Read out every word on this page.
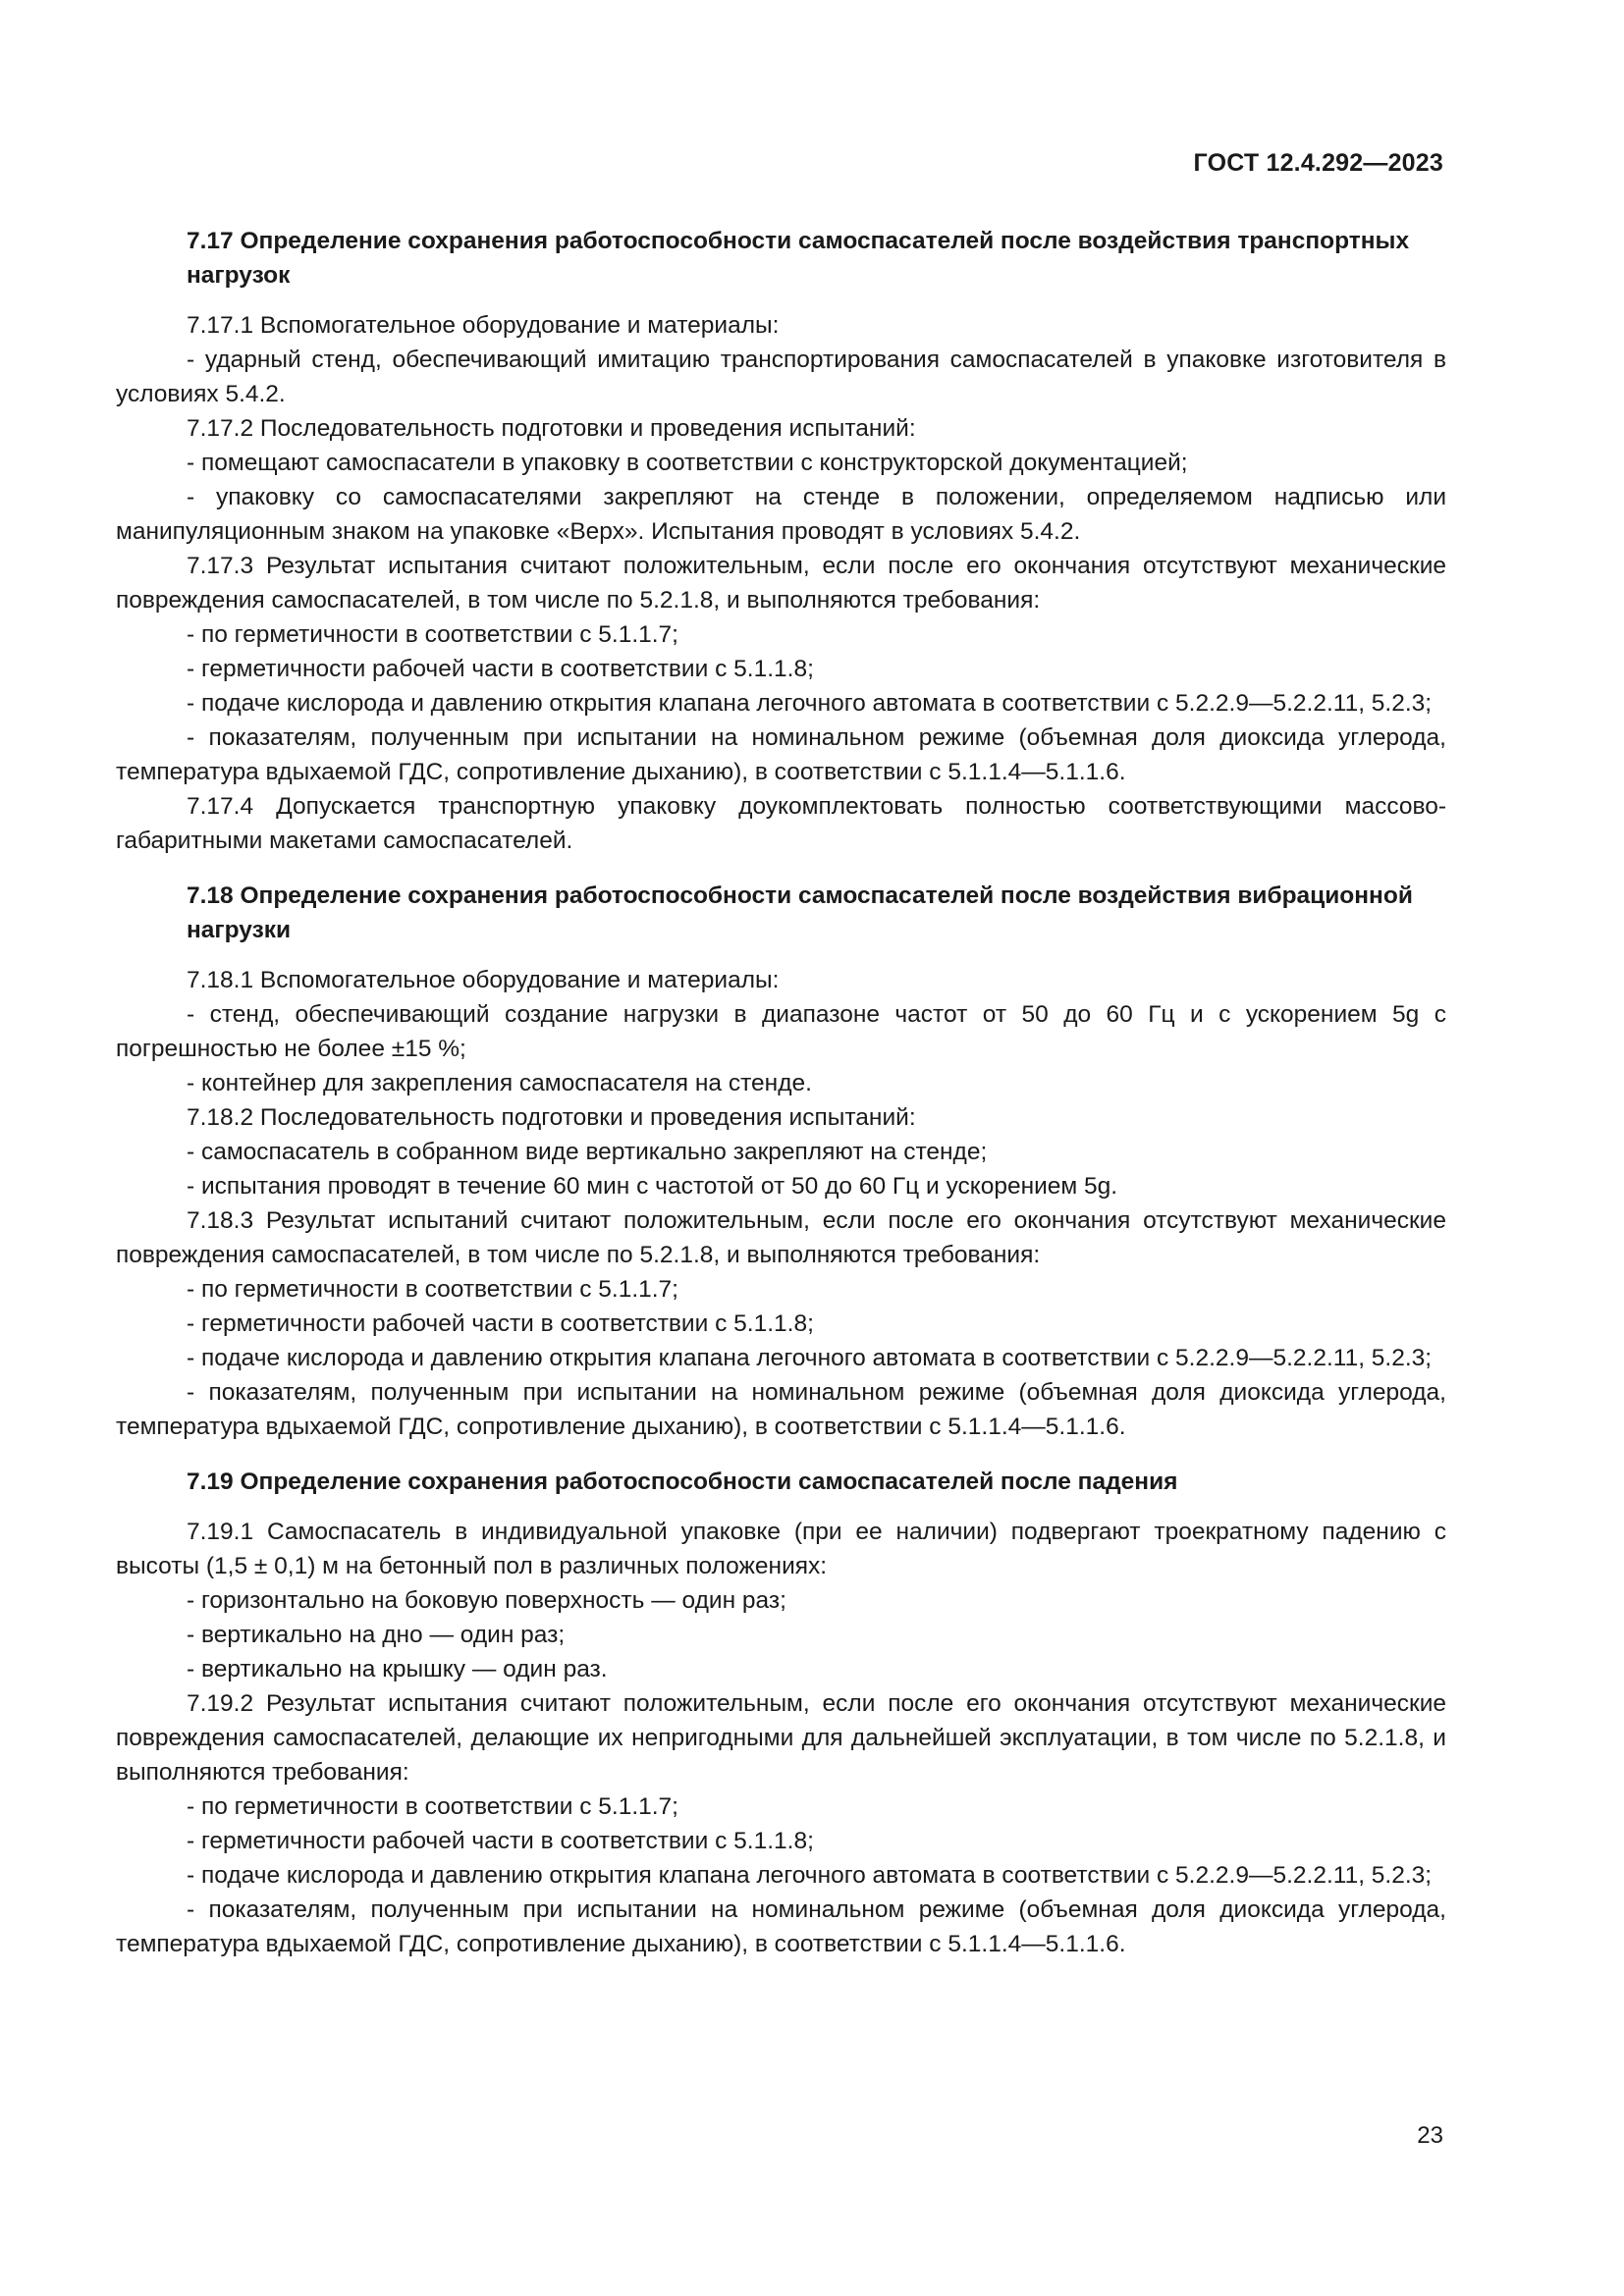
ГОСТ 12.4.292—2023

7.17 Определение сохранения работоспособности самоспасателей после воздействия транспортных нагрузок

7.17.1 Вспомогательное оборудование и материалы:

- ударный стенд, обеспечивающий имитацию транспортирования самоспасателей в упаковке изготовителя в условиях 5.4.2.

7.17.2 Последовательность подготовки и проведения испытаний:

- помещают самоспасатели в упаковку в соответствии с конструкторской документацией;

- упаковку со самоспасателями закрепляют на стенде в положении, определяемом надписью или манипуляционным знаком на упаковке «Верх». Испытания проводят в условиях 5.4.2.

7.17.3 Результат испытания считают положительным, если после его окончания отсутствуют механические повреждения самоспасателей, в том числе по 5.2.1.8, и выполняются требования:

- по герметичности в соответствии с 5.1.1.7;

- герметичности рабочей части в соответствии с 5.1.1.8;

- подаче кислорода и давлению открытия клапана легочного автомата в соответствии с 5.2.2.9—5.2.2.11, 5.2.3;

- показателям, полученным при испытании на номинальном режиме (объемная доля диоксида углерода, температура вдыхаемой ГДС, сопротивление дыханию), в соответствии с 5.1.1.4—5.1.1.6.

7.17.4 Допускается транспортную упаковку доукомплектовать полностью соответствующими массово-габаритными макетами самоспасателей.

7.18 Определение сохранения работоспособности самоспасателей после воздействия вибрационной нагрузки

7.18.1 Вспомогательное оборудование и материалы:

- стенд, обеспечивающий создание нагрузки в диапазоне частот от 50 до 60 Гц и с ускорением 5g с погрешностью не более ±15 %;

- контейнер для закрепления самоспасателя на стенде.

7.18.2 Последовательность подготовки и проведения испытаний:

- самоспасатель в собранном виде вертикально закрепляют на стенде;

- испытания проводят в течение 60 мин с частотой от 50 до 60 Гц и ускорением 5g.

7.18.3 Результат испытаний считают положительным, если после его окончания отсутствуют механические повреждения самоспасателей, в том числе по 5.2.1.8, и выполняются требования:

- по герметичности в соответствии с 5.1.1.7;

- герметичности рабочей части в соответствии с 5.1.1.8;

- подаче кислорода и давлению открытия клапана легочного автомата в соответствии с 5.2.2.9—5.2.2.11, 5.2.3;

- показателям, полученным при испытании на номинальном режиме (объемная доля диоксида углерода, температура вдыхаемой ГДС, сопротивление дыханию), в соответствии с 5.1.1.4—5.1.1.6.

7.19 Определение сохранения работоспособности самоспасателей после падения

7.19.1 Самоспасатель в индивидуальной упаковке (при ее наличии) подвергают троекратному падению с высоты (1,5 ± 0,1) м на бетонный пол в различных положениях:

- горизонтально на боковую поверхность — один раз;

- вертикально на дно — один раз;

- вертикально на крышку — один раз.

7.19.2 Результат испытания считают положительным, если после его окончания отсутствуют механические повреждения самоспасателей, делающие их непригодными для дальнейшей эксплуатации, в том числе по 5.2.1.8, и выполняются требования:

- по герметичности в соответствии с 5.1.1.7;

- герметичности рабочей части в соответствии с 5.1.1.8;

- подаче кислорода и давлению открытия клапана легочного автомата в соответствии с 5.2.2.9—5.2.2.11, 5.2.3;

- показателям, полученным при испытании на номинальном режиме (объемная доля диоксида углерода, температура вдыхаемой ГДС, сопротивление дыханию), в соответствии с 5.1.1.4—5.1.1.6.

23
